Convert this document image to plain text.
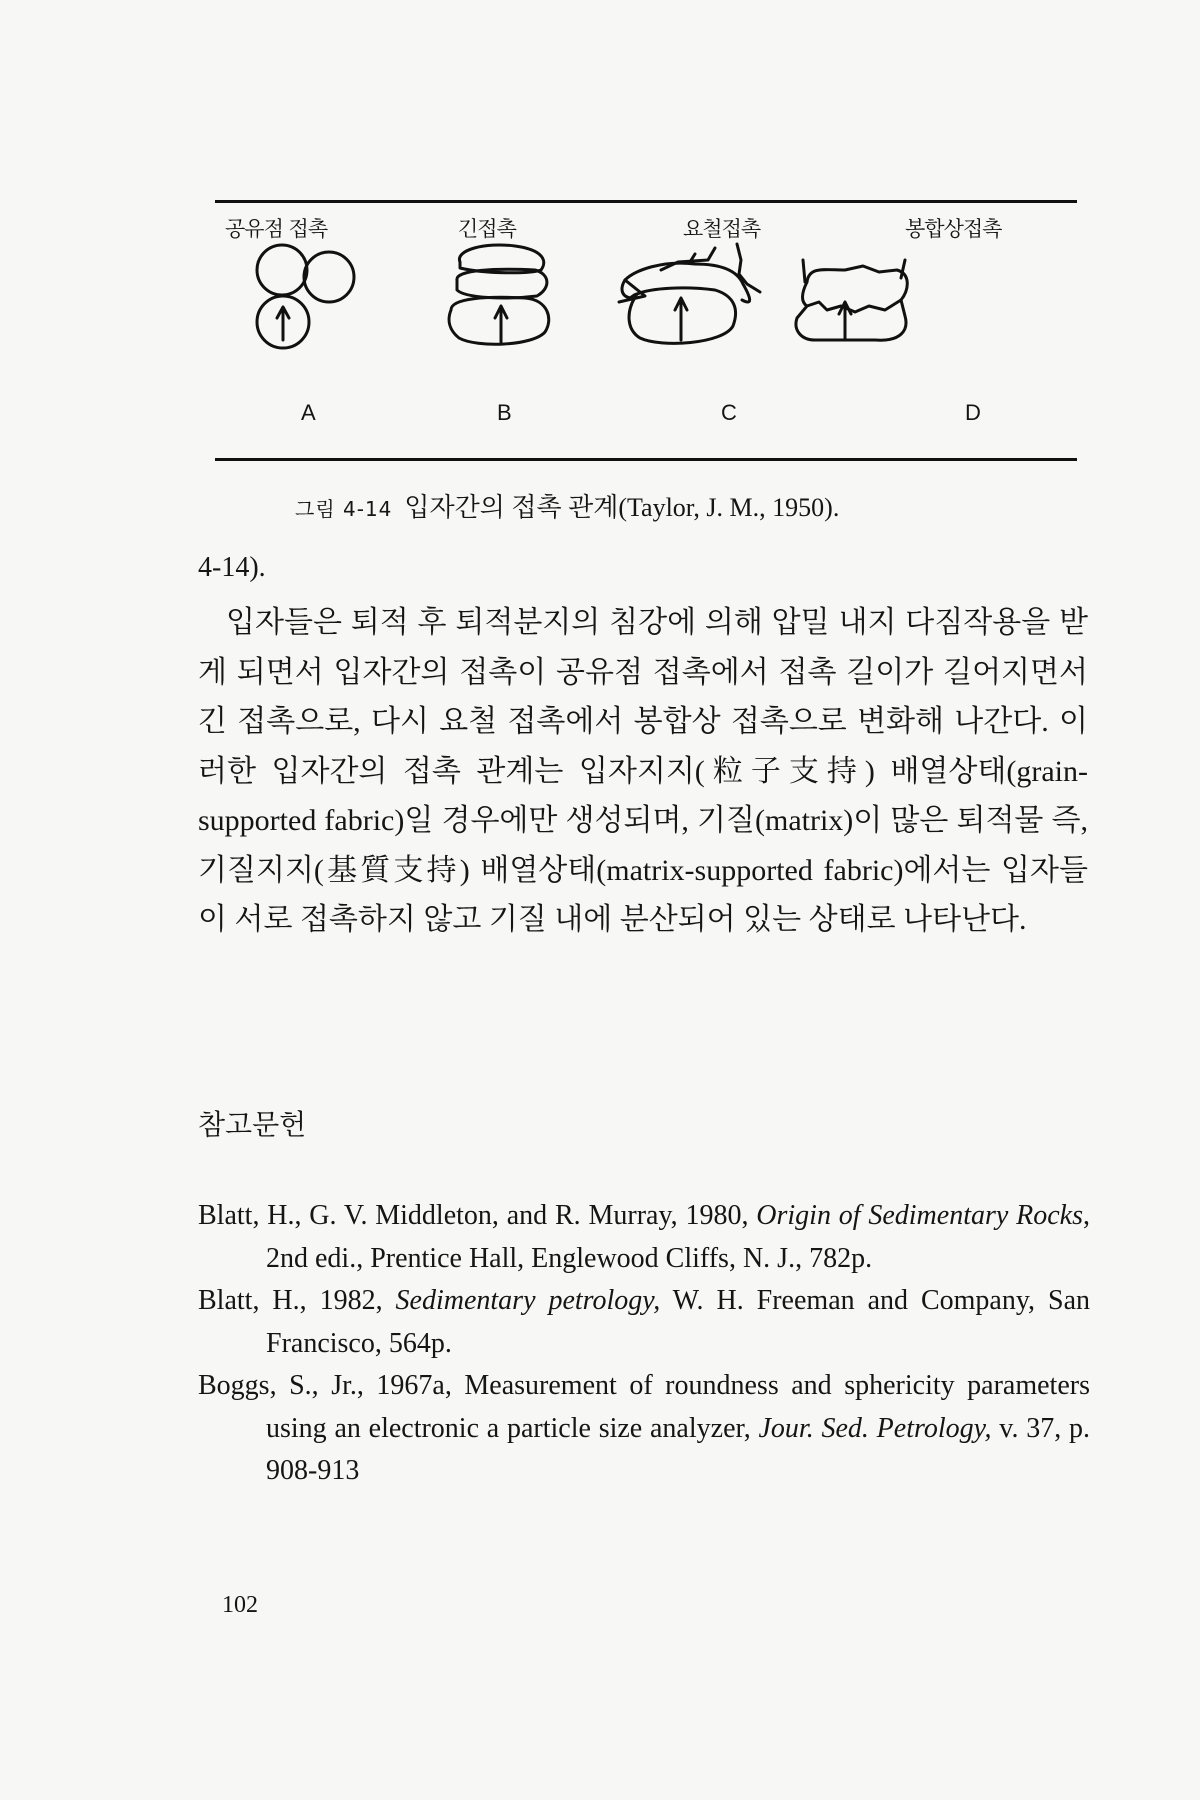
공유점 접촉	긴접촉	요철접촉	봉합상접촉
A	B	C	D
그림 4-14 입자간의 접촉 관계(Taylor, J. M., 1950).
4-14).
입자들은 퇴적 후 퇴적분지의 침강에 의해 압밀 내지 다짐작용을 받게 되면서 입자간의 접촉이 공유점 접촉에서 접촉 길이가 길어지면서 긴 접촉으로, 다시 요철 접촉에서 봉합상 접촉으로 변화해 나간다. 이러한 입자간의 접촉 관계는 입자지지(粒子支持) 배열상태(grain-supported fabric)일 경우에만 생성되며, 기질(matrix)이 많은 퇴적물 즉, 기질지지(基質支持) 배열상태(matrix-supported fabric)에서는 입자들이 서로 접촉하지 않고 기질 내에 분산되어 있는 상태로 나타난다.
참고문헌
Blatt, H., G. V. Middleton, and R. Murray, 1980, Origin of Sedimentary Rocks, 2nd edi., Prentice Hall, Englewood Cliffs, N. J., 782p.
Blatt, H., 1982, Sedimentary petrology, W. H. Freeman and Company, San Francisco, 564p.
Boggs, S., Jr., 1967a, Measurement of roundness and sphericity parameters using an electronic a particle size analyzer, Jour. Sed. Petrology, v. 37, p. 908-913
102
